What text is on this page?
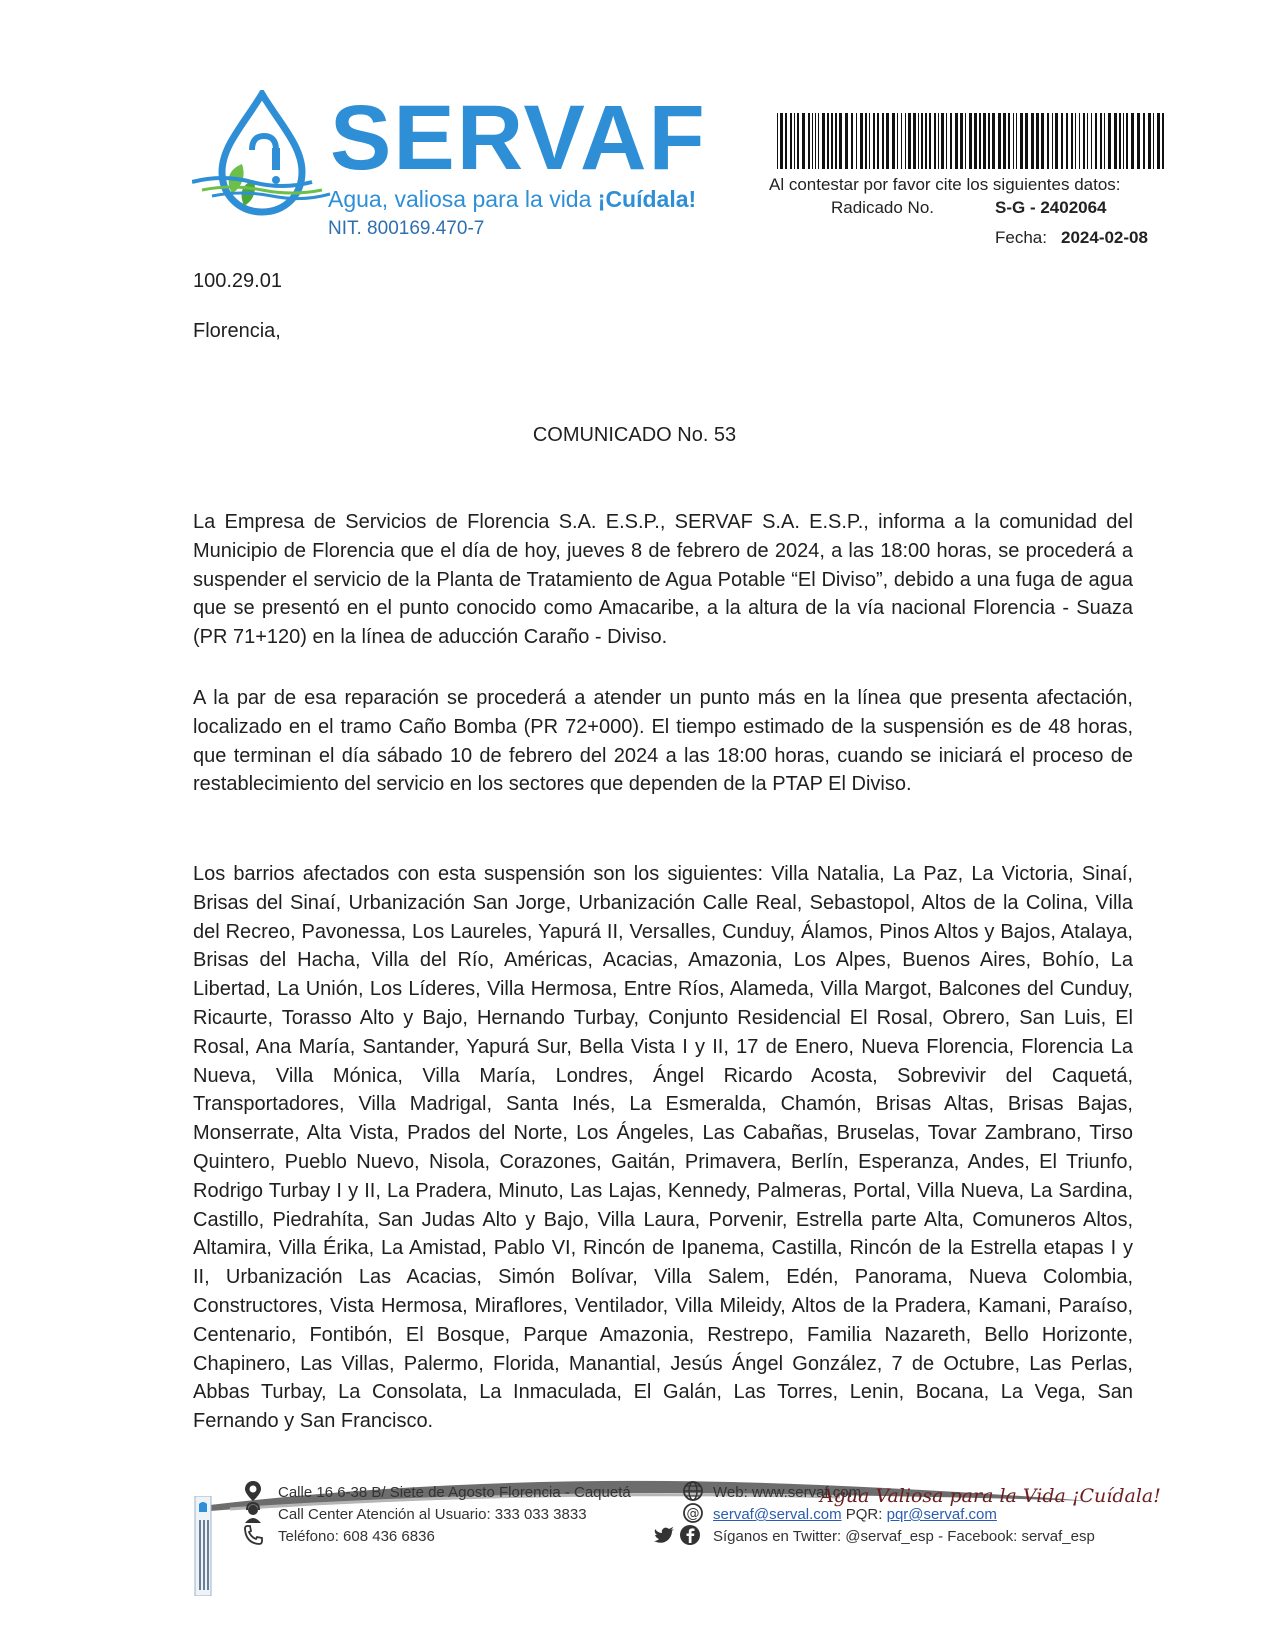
SERVAF
Agua, valiosa para la vida ¡Cuídala!
NIT. 800169.470-7
Al contestar por favor cite los siguientes datos:
Radicado No.	S-G - 2402064
Fecha: 2024-02-08
100.29.01
Florencia,
COMUNICADO No. 53

La Empresa de Servicios de Florencia S.A. E.S.P., SERVAF S.A. E.S.P., informa a la comunidad del Municipio de Florencia que el día de hoy, jueves 8 de febrero de 2024, a las 18:00 horas, se procederá a suspender el servicio de la Planta de Tratamiento de Agua Potable “El Diviso”, debido a una fuga de agua que se presentó en el punto conocido como Amacaribe, a la altura de la vía nacional Florencia - Suaza (PR 71+120) en la línea de aducción Caraño - Diviso.

A la par de esa reparación se procederá a atender un punto más en la línea que presenta afectación, localizado en el tramo Caño Bomba (PR 72+000). El tiempo estimado de la suspensión es de 48 horas, que terminan el día sábado 10 de febrero del 2024 a las 18:00 horas, cuando se iniciará el proceso de restablecimiento del servicio en los sectores que dependen de la PTAP El Diviso.

Los barrios afectados con esta suspensión son los siguientes: Villa Natalia, La Paz, La Victoria, Sinaí, Brisas del Sinaí, Urbanización San Jorge, Urbanización Calle Real, Sebastopol, Altos de la Colina, Villa del Recreo, Pavonessa, Los Laureles, Yapurá II, Versalles, Cunduy, Álamos, Pinos Altos y Bajos, Atalaya, Brisas del Hacha, Villa del Río, Américas, Acacias, Amazonia, Los Alpes, Buenos Aires, Bohío, La Libertad, La Unión, Los Líderes, Villa Hermosa, Entre Ríos, Alameda, Villa Margot, Balcones del Cunduy, Ricaurte, Torasso Alto y Bajo, Hernando Turbay, Conjunto Residencial El Rosal, Obrero, San Luis, El Rosal, Ana María, Santander, Yapurá Sur, Bella Vista I y II, 17 de Enero, Nueva Florencia, Florencia La Nueva, Villa Mónica, Villa María, Londres, Ángel Ricardo Acosta, Sobrevivir del Caquetá, Transportadores, Villa Madrigal, Santa Inés, La Esmeralda, Chamón, Brisas Altas, Brisas Bajas, Monserrate, Alta Vista, Prados del Norte, Los Ángeles, Las Cabañas, Bruselas, Tovar Zambrano, Tirso Quintero, Pueblo Nuevo, Nisola, Corazones, Gaitán, Primavera, Berlín, Esperanza, Andes, El Triunfo, Rodrigo Turbay I y II, La Pradera, Minuto, Las Lajas, Kennedy, Palmeras, Portal, Villa Nueva, La Sardina, Castillo, Piedrahíta, San Judas Alto y Bajo, Villa Laura, Porvenir, Estrella parte Alta, Comuneros Altos, Altamira, Villa Érika, La Amistad, Pablo VI, Rincón de Ipanema, Castilla, Rincón de la Estrella etapas I y II, Urbanización Las Acacias, Simón Bolívar, Villa Salem, Edén, Panorama, Nueva Colombia, Constructores, Vista Hermosa, Miraflores, Ventilador, Villa Mileidy, Altos de la Pradera, Kamani, Paraíso, Centenario, Fontibón, El Bosque, Parque Amazonia, Restrepo, Familia Nazareth, Bello Horizonte, Chapinero, Las Villas, Palermo, Florida, Manantial, Jesús Ángel González, 7 de Octubre, Las Perlas, Abbas Turbay, La Consolata, La Inmaculada, El Galán, Las Torres, Lenin, Bocana, La Vega, San Fernando y San Francisco.

Agua Valiosa para la Vida ¡Cuídala!
Calle 16 6-38 B/ Siete de Agosto Florencia - Caquetá
Call Center Atención al Usuario: 333 033 3833
Teléfono: 608 436 6836
Web: www.servaf.com
@ servaf@serval.com PQR: pqr@servaf.com
Síganos en Twitter: @servaf_esp - Facebook: servaf_esp
